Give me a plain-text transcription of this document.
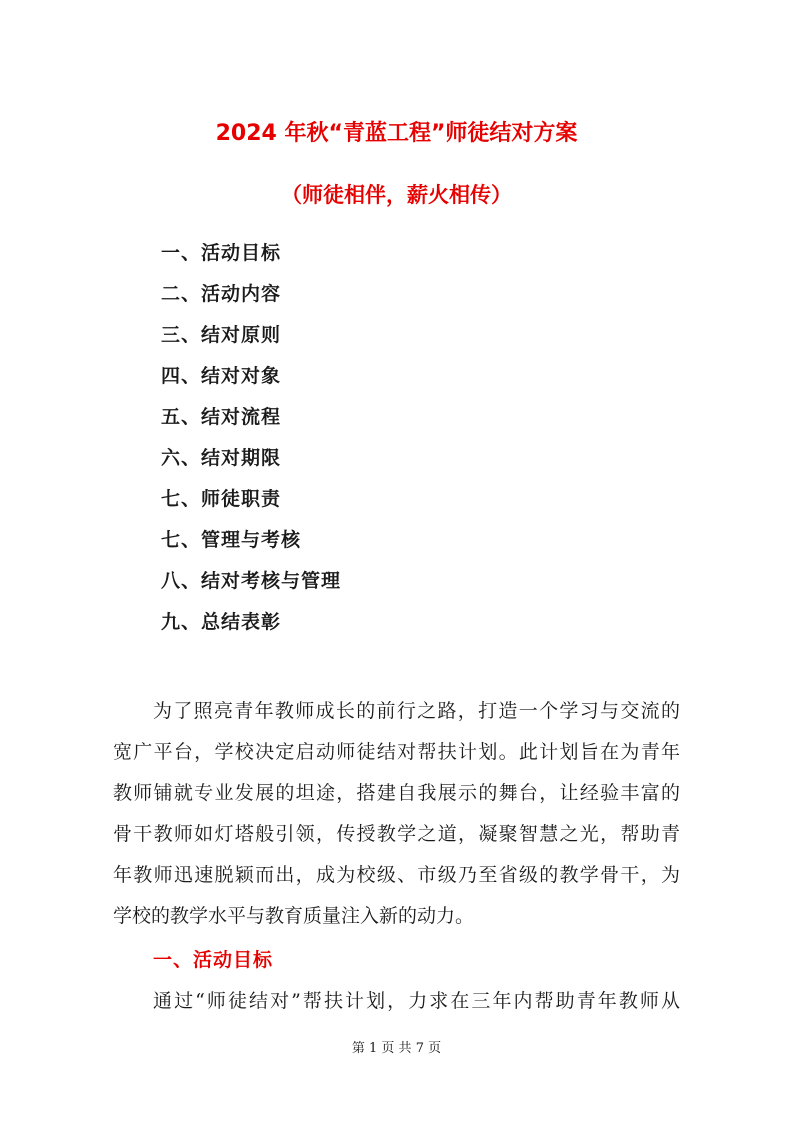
2024 年秋“青蓝工程”师徒结对方案
（师徒相伴，薪火相传）
一、活动目标
二、活动内容
三、结对原则
四、结对对象
五、结对流程
六、结对期限
七、师徒职责
七、管理与考核
八、结对考核与管理
九、总结表彰
为了照亮青年教师成长的前行之路，打造一个学习与交流的
宽广平台，学校决定启动师徒结对帮扶计划。此计划旨在为青年
教师铺就专业发展的坦途，搭建自我展示的舞台，让经验丰富的
骨干教师如灯塔般引领，传授教学之道，凝聚智慧之光，帮助青
年教师迅速脱颖而出，成为校级、市级乃至省级的教学骨干，为
学校的教学水平与教育质量注入新的动力。
一、活动目标
通过“师徒结对”帮扶计划，力求在三年内帮助青年教师从
第 1 页 共 7 页
